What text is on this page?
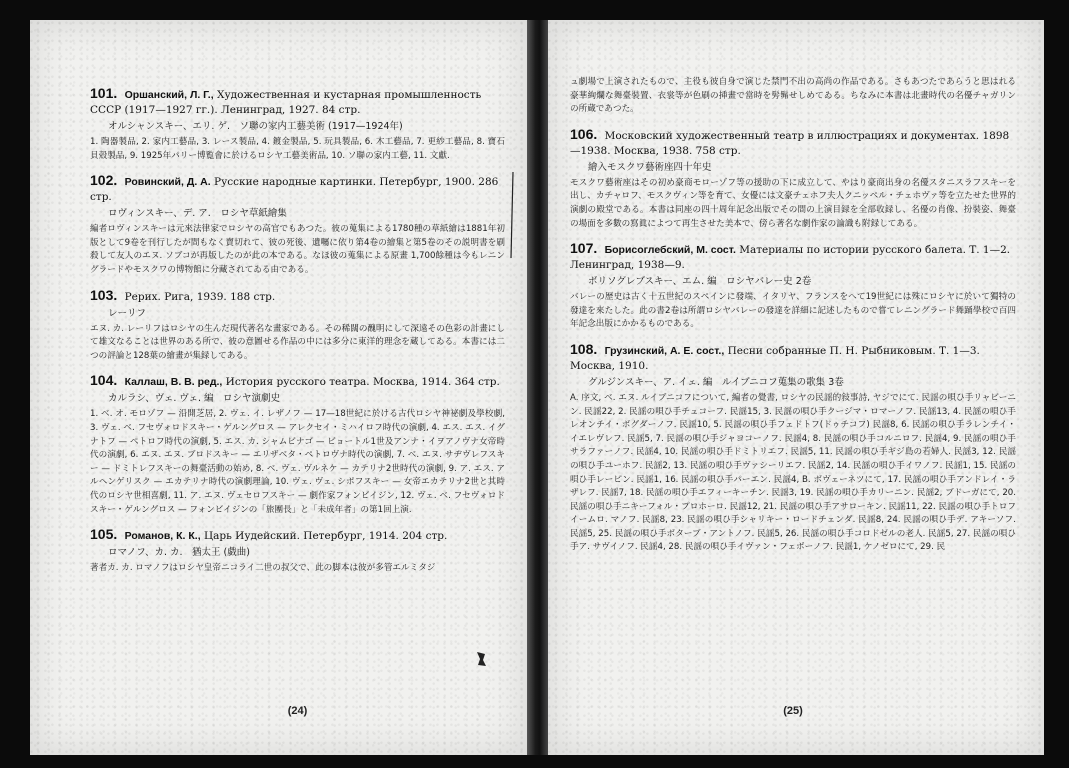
101. Оршанский, Л. Г., Художественная и кустарная промышленность СССР (1917—1927 гг.). Ленинград, 1927. 84 стр.
オルシャンスキー、エリ. ゲ.　ソ聯の家内工藝美術 (1917—1924年)
1. 陶器製品, 2. 家内工藝品, 3. レース製品, 4. 鍍金製品, 5. 玩具製品, 6. 木工藝品, 7. 更紗工藝品, 8. 寶石貝殻製品, 9. 1925年パリー博覧會に於けるロシヤ工藝美術品, 10. ソ聯の家内工藝, 11. 文獻.
102. Ровинский, Д. А. Русские народные картинки. Петербург, 1900. 286 стр.
ロヴィンスキー、デ. ア.　ロシヤ草紙繪集
編者ロヴィンスキーは元來法律家でロシヤの高官でもあつた。彼の蒐集による1780種の草紙繪は1881年初版として9卷を刊行したが間もなく賣切れて、彼の死後、遺囑に依り第4卷の繪集と第5卷のその説明書を刷殺して友人のエヌ. ソブコが再版したのが此の本である。なほ彼の蒐集による原畫 1,700餘種は今もレニングラードやモスクワの博物館に分藏されてゐる由である。
103. Рерих. Рига, 1939. 188 стр.
レーリフ
エヌ. カ. レーリフはロシヤの生んだ現代著名な畫家である。その稀闊の醜明にして深遠その色彩の計畫にして雄文なることは世界のある所で、彼の意圖せる作品の中には多分に東洋的理念を蔵してゐる。本書には二つの評論と128葉の繪畫が集録してある。
104. Каллаш, В. В. ред., История русского театра. Москва, 1914. 364 стр.
カルラシ、ヴェ. ヴェ. 編　ロシヤ演劇史
1. ベ. オ. モロゾフ — 沿開芝居, 2. ヴェ. イ. レザノフ — 17—18世紀に於ける古代ロシヤ神祕劇及學校劇, 3. ヴェ. ベ. フセヴォロドスキー・ゲルングロス — アレクセイ・ミハイロフ時代の演劇, 4. エス. エス. イグナトフ — ペトロフ時代の演劇, 5. エス. カ. シャムビナゴ — ビョートル1世及アンナ・イヲアノヴナ女帝時代の演劇, 6. エヌ. エヌ. ブロドスキー — エリザベタ・ペトロヴナ時代の演劇, 7. ベ. エヌ. サヂヴレフスキー — ドミトレフスキーの舞臺活動の始め, 8. ベ. ヴェ. ヴルネケ — カテリナ2世時代の演劇, 9. ア. エス. アルヘンゲリスク — エカテリナ時代の演劇理論, 10. ヴェ. ヴェ. シポフスキー — 女帝エカテリナ2世と其時代のロシヤ世相喜劇, 11. ア. エヌ. ヴェセロフスキー — 劇作家フォンビイジン, 12. ヴェ. ベ. フセヴォロドスキー・ゲルングロス — フォンビイジンの「旅團長」と「未成年者」の第1回上演.
105. Романов, К. К., Царь Иудейский. Петербург, 1914. 204 стр.
ロマノフ、カ. カ.　猶太王 (戯曲)
著者カ. カ. ロマノフはロシヤ皇帝ニコライ二世の叔父で、此の脚本は彼が多管エルミタジ
(24)
ュ劇場で上演されたもので、主役も彼自身で演じた禁門不出の高尚の作品である。さもあつたであらうと思はれる豪華絢爛な舞臺裝置、衣裳等が色刷の挿畫で當時を髣髴せしめてゐる。ちなみに本書は北畫時代の名優チャガリンの所蔵であつた。
106. Московский художественный театр в иллюстрациях и документах. 1898—1938. Москва, 1938. 758 стр.
繪入モスクワ藝術座四十年史
モスクワ藝術座はその初め豪商モローゾフ等の援助の下に成立して、やはり豪商出身の名優スタニスラフスキーを出し、カチャロフ、モスクヴィン等を育て、女優には文豪チェホフ夫人クニッペル・チェホヴァ等を立たせた世界的演劇の殿堂である。本書は同座の四十周年記念出版でその間の上演目録を全部收録し、名優の肖像、扮裝姿、舞臺の場面を多數の寫眞によつて再生させた美本で、傍ら著名な劇作家の論識も附録してある。
107. Борисоглебский, М. сост. Материалы по истории русского балета. Т. 1—2. Ленинград, 1938—9.
ボリソグレブスキー、エム. 編　ロシヤバレー史 2卷
バレーの歴史は古く十五世紀のスペインに發端、イタリヤ、フランスをへて19世紀には殊にロシヤに於いて獨特の發達を來たした。此の書2卷は所謂ロシヤバレーの發達を詳細に記述したもので嘗てレニングラード舞踊學校で百四年記念出版にかかるものである。
108. Грузинский, А. Е. сост., Песни собранные П. Н. Рыбниковым. Т. 1—3. Москва, 1910.
グルジンスキー、ア. イェ. 編　ルイブニコフ蒐集の歌集 3卷
A. 序文, ベ. エヌ. ルイブニコフについて, 編者の覺書, ロシヤの民謡的敍事詩, ヤジでにて. 民謡の唄ひ手リャビーニン. 民謡22, 2. 民謡の唄ひ手チュコーフ. 民謡15, 3. 民謡の唄ひ手クージマ・ロマーノフ. 民謡13, 4. 民謡の唄ひ手レオンチイ・ボグダーノフ. 民謡10, 5. 民謡の唄ひ手フェドトフ(ドゥチコフ) 民謡8, 6. 民謡の唄ひ手ラレンチイ・イエレヴレフ. 民謡5, 7. 民謡の唄ひ手ジャヨコーノフ. 民謡4, 8. 民謡の唄ひ手コルニロフ. 民謡4, 9. 民謡の唄ひ手サラファーノフ. 民謡4, 10. 民謡の唄ひ手ドミトリエフ. 民謡5, 11. 民謡の唄ひ手ギジ島の若婦人. 民謡3, 12. 民謡の唄ひ手ユーホフ. 民謡2, 13. 民謡の唄ひ手ヴァシーリエフ. 民謡2, 14. 民謡の唄ひ手イワノフ. 民謡1, 15. 民謡の唄ひ手レーピン. 民謡1, 16. 民謡の唄ひ手パーエン. 民謡4, B. ボヴェーネツにて, 17. 民謡の唄ひ手アンドレイ・ラザレフ. 民謡7, 18. 民謡の唄ひ手エフィーキーチン. 民謡3, 19. 民謡の唄ひ手カリーニン. 民謡2, ブドーガにて, 20. 民謡の唄ひ手ニキーフォル・プロホーロ. 民謡12, 21. 民謡の唄ひ手アサローキン. 民謡11, 22. 民謡の唄ひ手トロフイームロ. マノフ. 民謡8, 23. 民謡の唄ひ手シャリキー・ロードチェンダ. 民謡8, 24. 民謡の唄ひ手デ. アキーソフ. 民謡5, 25. 民謡の唄ひ手ボターブ・アントノフ. 民謡5, 26. 民謡の唄ひ手コロドゼルの老人. 民謡5, 27. 民謡の唄ひ手ア. サヴイノフ. 民謡4, 28. 民謡の唄ひ手イヴァン・フェボーノフ. 民謡1, ケノゼロにて, 29. 民
(25)
